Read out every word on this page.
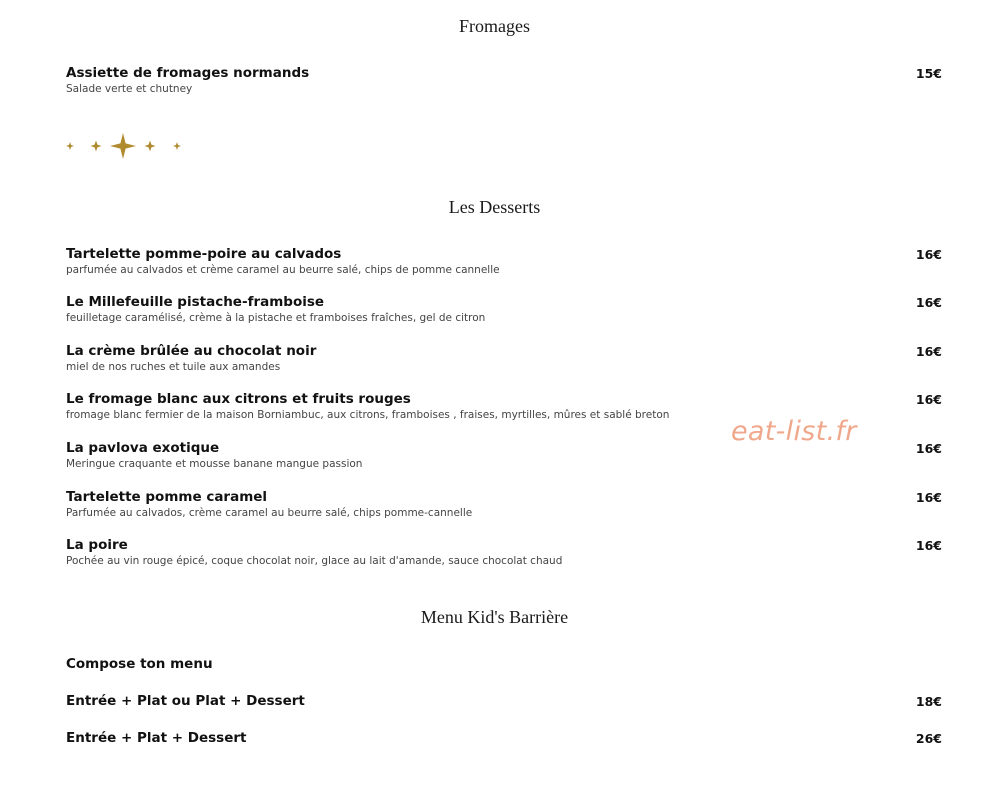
Fromages
Assiette de fromages normands
Salade verte et chutney
15€
Les Desserts
Tartelette pomme-poire au calvados
parfumée au calvados et crème caramel au beurre salé, chips de pomme cannelle
16€
Le Millefeuille pistache-framboise
feuilletage caramélisé, crème à la pistache et framboises fraîches, gel de citron
16€
La crème brûlée au chocolat noir
miel de nos ruches et tuile aux amandes
16€
Le fromage blanc aux citrons et fruits rouges
fromage blanc fermier de la maison Borniambuc, aux citrons, framboises , fraises, myrtilles, mûres et sablé breton
16€
La pavlova exotique
Meringue craquante et mousse banane mangue passion
16€
Tartelette pomme caramel
Parfumée au calvados, crème caramel au beurre salé, chips pomme-cannelle
16€
La poire
Pochée au vin rouge épicé, coque chocolat noir, glace au lait d'amande, sauce chocolat chaud
16€
Menu Kid's Barrière
Compose ton menu
Entrée + Plat ou Plat + Dessert	18€
Entrée + Plat + Dessert	26€
eat-list.fr
